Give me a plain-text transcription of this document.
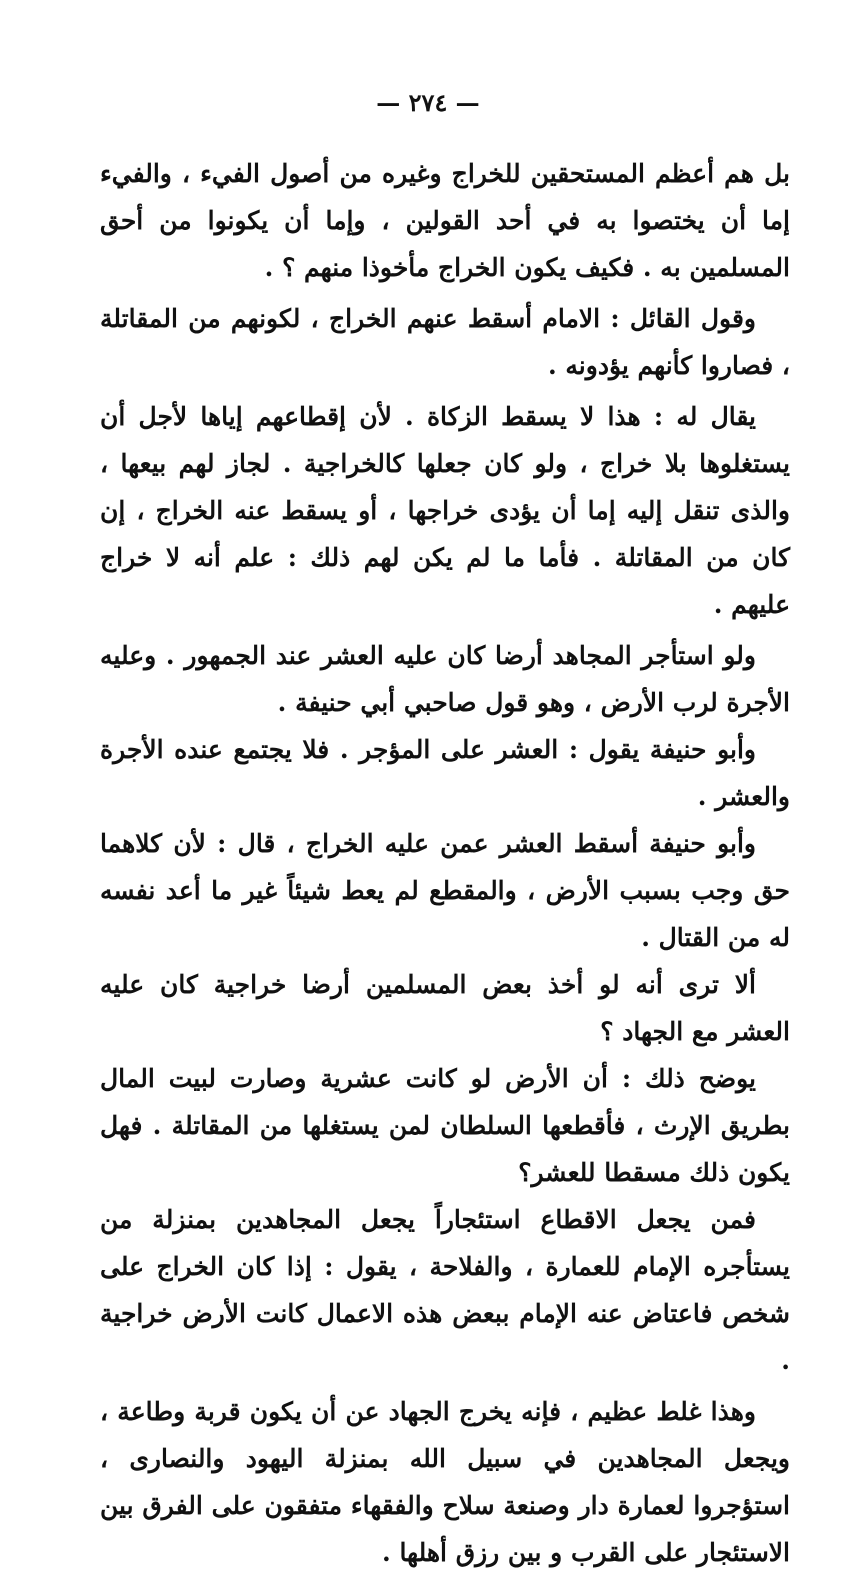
— ٢٧٤ —

بل هم أعظم المستحقين للخراج وغيره من أصول الفيء ، والفيء إما أن يختصوا به في أحد القولين ، وإما أن يكونوا من أحق المسلمين به . فكيف يكون الخراج مأخوذا منهم ؟ .

وقول القائل : الامام أسقط عنهم الخراج ، لكونهم من المقاتلة ، فصاروا كأنهم يؤدونه .

يقال له : هذا لا يسقط الزكاة . لأن إقطاعهم إياها لأجل أن يستغلوها بلا خراج ، ولو كان جعلها كالخراجية . لجاز لهم بيعها ، والذى تنقل إليه إما أن يؤدى خراجها ، أو يسقط عنه الخراج ، إن كان من المقاتلة . فأما ما لم يكن لهم ذلك : علم أنه لا خراج عليهم .

ولو استأجر المجاهد أرضا كان عليه العشر عند الجمهور . وعليه الأجرة لرب الأرض ، وهو قول صاحبي أبي حنيفة .

وأبو حنيفة يقول : العشر على المؤجر . فلا يجتمع عنده الأجرة والعشر .

وأبو حنيفة أسقط العشر عمن عليه الخراج ، قال : لأن كلاهما حق وجب بسبب الأرض ، والمقطع لم يعط شيئاً غير ما أعد نفسه له من القتال .

ألا ترى أنه لو أخذ بعض المسلمين أرضا خراجية كان عليه العشر مع الجهاد ؟

يوضح ذلك : أن الأرض لو كانت عشرية وصارت لبيت المال بطريق الإرث ، فأقطعها السلطان لمن يستغلها من المقاتلة . فهل يكون ذلك مسقطا للعشر؟

فمن يجعل الاقطاع استئجاراً يجعل المجاهدين بمنزلة من يستأجره الإمام للعمارة ، والفلاحة ، يقول : إذا كان الخراج على شخص فاعتاض عنه الإمام ببعض هذه الاعمال كانت الأرض خراجية .

وهذا غلط عظيم ، فإنه يخرج الجهاد عن أن يكون قربة وطاعة ، ويجعل المجاهدين في سبيل الله بمنزلة اليهود والنصارى ، استؤجروا لعمارة دار وصنعة سلاح والفقهاء متفقون على الفرق بين الاستئجار على القرب و بين رزق أهلها .
